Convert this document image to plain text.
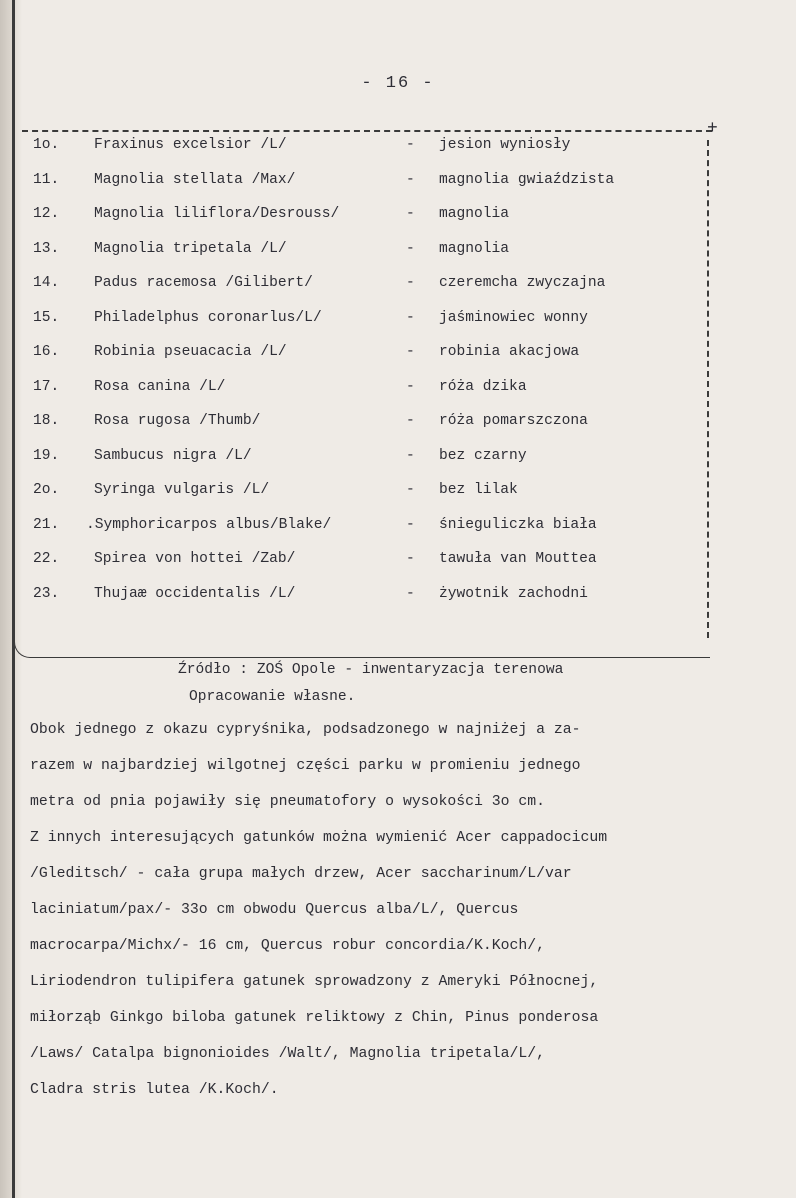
- 16 -
+
1o. Fraxinus excelsior /L/	- jesion wyniosły
11. Magnolia stellata /Max/	- magnolia gwiaździsta
12. Magnolia liliflora/Desrouss/	- magnolia
13. Magnolia tripetala /L/	- magnolia
14. Padus racemosa /Gilibert/	- czeremcha zwyczajna
15. Philadelphus coronarlus/L/	- jaśminowiec wonny
16. Robinia pseuacacia /L/	- robinia akacjowa
17. Rosa canina /L/	- róża dzika
18. Rosa rugosa /Thumb/	- róża pomarszczona
19. Sambucus nigra /L/	- bez czarny
2o. Syringa vulgaris /L/	- bez lilak
21. .Symphoricarpos albus/Blake/	- śnieguliczka biała
22. Spirea von hottei /Zab/	- tawuła van Mouttea
23. Thujaæ occidentalis /L/	- żywotnik zachodni
Źródło : ZOŚ Opole - inwentaryzacja terenowa
Opracowanie własne.
Obok jednego z okazu cypryśnika, podsadzonego w najniżej a za-
razem w najbardziej wilgotnej części parku w promieniu jednego
metra od pnia pojawiły się pneumatofory o wysokości 3o cm.
Z innych interesujących gatunków można wymienić Acer cappadocicum
/Gleditsch/ - cała grupa małych drzew, Acer saccharinum/L/var
laciniatum/pax/- 33o cm obwodu Quercus alba/L/, Quercus
macrocarpa/Michx/- 16 cm, Quercus robur concordia/K.Koch/,
Liriodendron tulipifera gatunek sprowadzony z Ameryki Północnej,
miłorząb Ginkgo biloba gatunek reliktowy z Chin, Pinus ponderosa
/Laws/ Catalpa bignonioides /Walt/, Magnolia tripetala/L/,
Cladra stris lutea /K.Koch/.
